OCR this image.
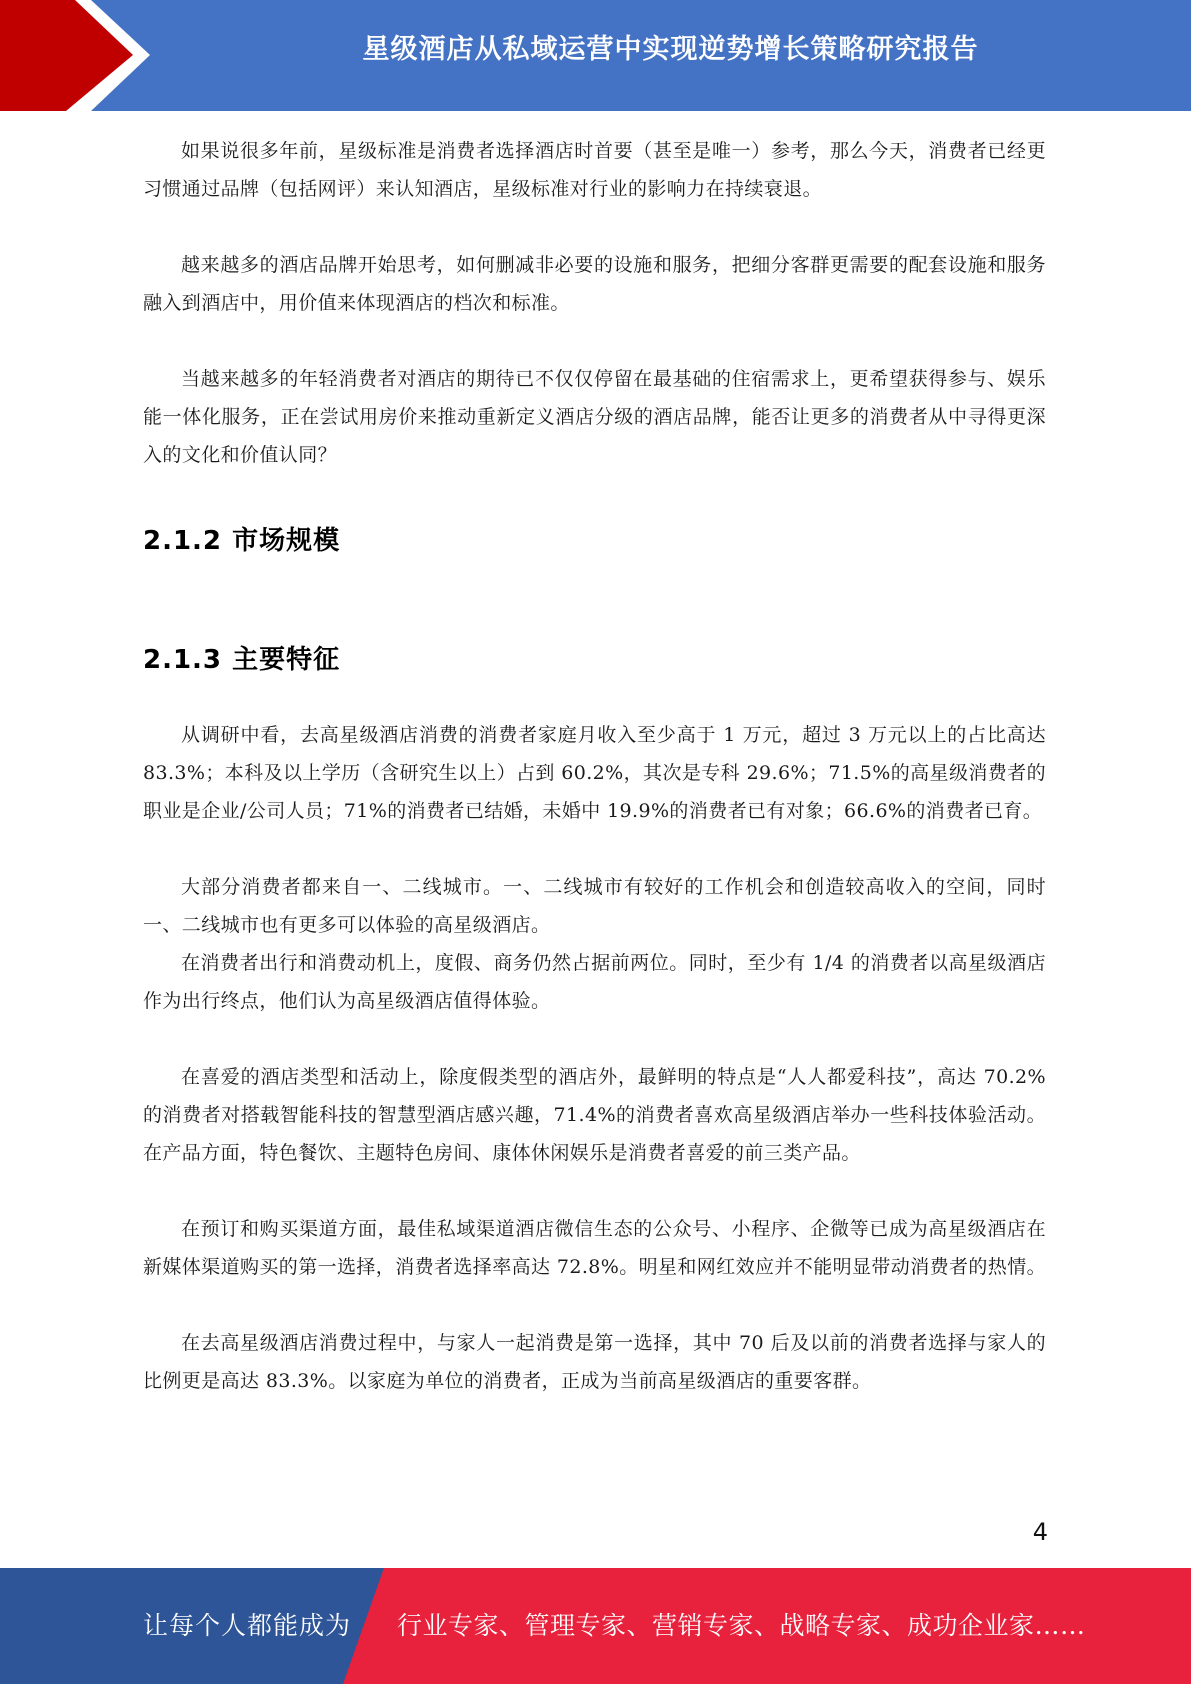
星级酒店从私域运营中实现逆势增长策略研究报告

如果说很多年前，星级标准是消费者选择酒店时首要（甚至是唯一）参考，那么今天，消费者已经更习惯通过品牌（包括网评）来认知酒店，星级标准对行业的影响力在持续衰退。

越来越多的酒店品牌开始思考，如何删减非必要的设施和服务，把细分客群更需要的配套设施和服务融入到酒店中，用价值来体现酒店的档次和标准。

当越来越多的年轻消费者对酒店的期待已不仅仅停留在最基础的住宿需求上，更希望获得参与、娱乐能一体化服务，正在尝试用房价来推动重新定义酒店分级的酒店品牌，能否让更多的消费者从中寻得更深入的文化和价值认同？

2.1.2 市场规模
2.1.3 主要特征

从调研中看，去高星级酒店消费的消费者家庭月收入至少高于 1 万元，超过 3 万元以上的占比高达 83.3%；本科及以上学历（含研究生以上）占到 60.2%，其次是专科 29.6%；71.5%的高星级消费者的职业是企业/公司人员；71%的消费者已结婚，未婚中 19.9%的消费者已有对象；66.6%的消费者已育。

大部分消费者都来自一、二线城市。一、二线城市有较好的工作机会和创造较高收入的空间，同时一、二线城市也有更多可以体验的高星级酒店。

在消费者出行和消费动机上，度假、商务仍然占据前两位。同时，至少有 1/4 的消费者以高星级酒店作为出行终点，他们认为高星级酒店值得体验。

在喜爱的酒店类型和活动上，除度假类型的酒店外，最鲜明的特点是“人人都爱科技”，高达 70.2%的消费者对搭载智能科技的智慧型酒店感兴趣，71.4%的消费者喜欢高星级酒店举办一些科技体验活动。在产品方面，特色餐饮、主题特色房间、康体休闲娱乐是消费者喜爱的前三类产品。

在预订和购买渠道方面，最佳私域渠道酒店微信生态的公众号、小程序、企微等已成为高星级酒店在新媒体渠道购买的第一选择，消费者选择率高达 72.8%。明星和网红效应并不能明显带动消费者的热情。

在去高星级酒店消费过程中，与家人一起消费是第一选择，其中 70 后及以前的消费者选择与家人的比例更是高达 83.3%。以家庭为单位的消费者，正成为当前高星级酒店的重要客群。

4
让每个人都能成为 行业专家、管理专家、营销专家、战略专家、成功企业家……
